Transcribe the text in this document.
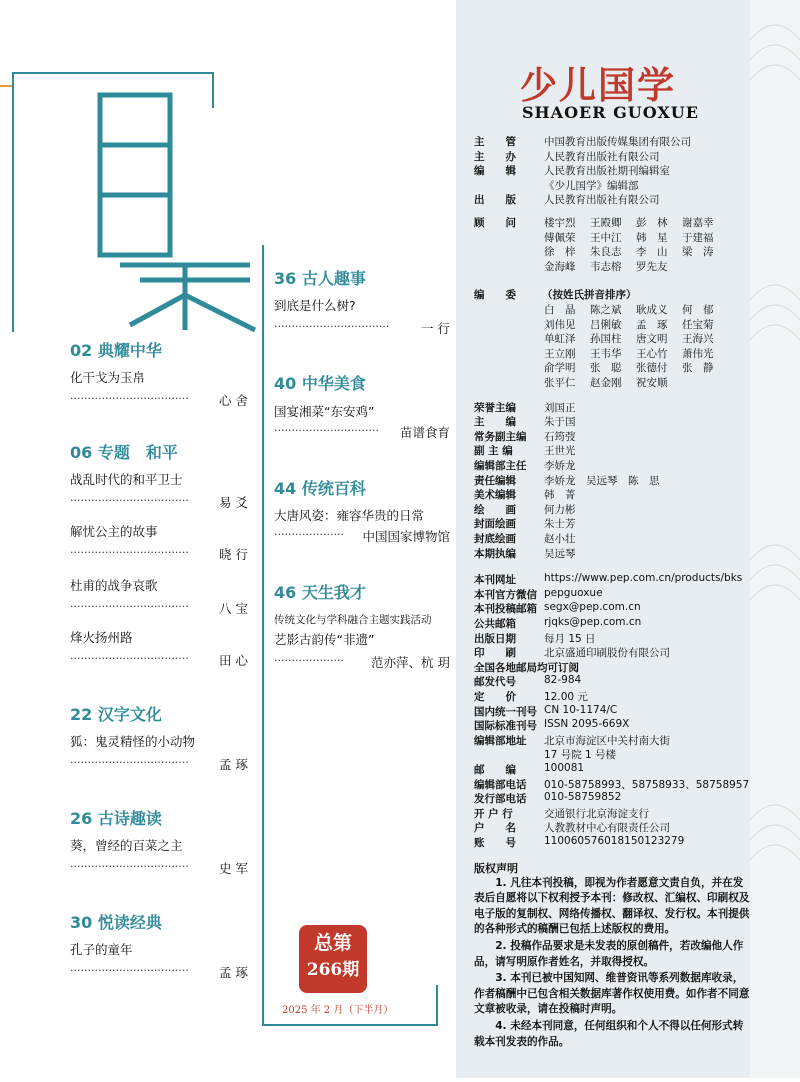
02 典耀中华
化干戈为玉帛
··································	心 舍
06 专题　和平
战乱时代的和平卫士
··································	易 爻
解忧公主的故事
··································	晓 行
杜甫的战争哀歌
··································	八 宝
烽火扬州路
··································	田 心
22 汉字文化
狐：鬼灵精怪的小动物
··································	孟 琢
26 古诗趣读
葵，曾经的百菜之主
··································	史 军
30 悦读经典
孔子的童年
··································	孟 琢
36 古人趣事
到底是什么树?
·································	一 行
40 中华美食
国宴湘菜“东安鸡”
······························	苗谱食育
44 传统百科
大唐风姿：雍容华贵的日常
····················	中国国家博物馆
46 天生我才
传统文化与学科融合主题实践活动
艺影古韵传“非遗”
····················	范亦萍、杭 玥
总第
266期
2025 年 2 月（下半月）
少儿国学
SHAOER GUOXUE
主　　管	中国教育出版传媒集团有限公司
主　　办	人民教育出版社有限公司
编　　辑	人民教育出版社期刊编辑室
《少儿国学》编辑部
出　　版	人民教育出版社有限公司
顾　　问	楼宇烈 王殿卿 彭　林 谢嘉幸
傅佩荣 王中江 韩　星 于建福
徐　梓 朱良志 李　山 梁　涛
金海峰 韦志榕 罗先友
编　　委 （按姓氏拼音排序）
白　晶 陈之斌 耿成义 何　郁
刘伟见 吕俐敏 孟　琢 任宝菊
单虹泽 孙国柱 唐文明 王海兴
王立刚 王韦华 王心竹 萧伟光
俞学明 张　聪 张德付 张　静
张平仁 赵金刚 祝安顺
荣誉主编	刘国正
主　　编	朱于国
常务副主编 石筠弢
副 主 编	王世光
编辑部主任 李娇龙
责任编辑	李娇龙　吴远琴　陈　思
美术编辑	韩　菁
绘　　画	何力彬
封面绘画	朱士芳
封底绘画	赵小壮
本期执编	吴远琴
本刊网址	https://www.pep.com.cn/products/bks
本刊官方微信 pepguoxue
本刊投稿邮箱 segx@pep.com.cn
公共邮箱	rjqks@pep.com.cn
出版日期	每月 15 日
印　　刷	北京盛通印刷股份有限公司
全国各地邮局均可订阅
邮发代号	82-984
定　　价	12.00 元
国内统一刊号 CN 10-1174/C
国际标准刊号 ISSN 2095-669X
编辑部地址 北京市海淀区中关村南大街
17 号院 1 号楼
邮　　编	100081
编辑部电话 010-58758993、58758933、58758957
发行部电话 010-58759852
开 户 行	交通银行北京海淀支行
户　　名	人教教材中心有限责任公司
账　　号	110060576018150123279
版权声明
1. 凡往本刊投稿，即视为作者愿意文责自负，并在发表后自愿将以下权利授予本刊：修改权、汇编权、印刷权及电子版的复制权、网络传播权、翻译权、发行权。本刊提供的各种形式的稿酬已包括上述版权的费用。
2. 投稿作品要求是未发表的原创稿件，若改编他人作品，请写明原作者姓名，并取得授权。
3. 本刊已被中国知网、维普资讯等系列数据库收录，作者稿酬中已包含相关数据库著作权使用费。如作者不同意文章被收录，请在投稿时声明。
4. 未经本刊同意，任何组织和个人不得以任何形式转载本刊发表的作品。
